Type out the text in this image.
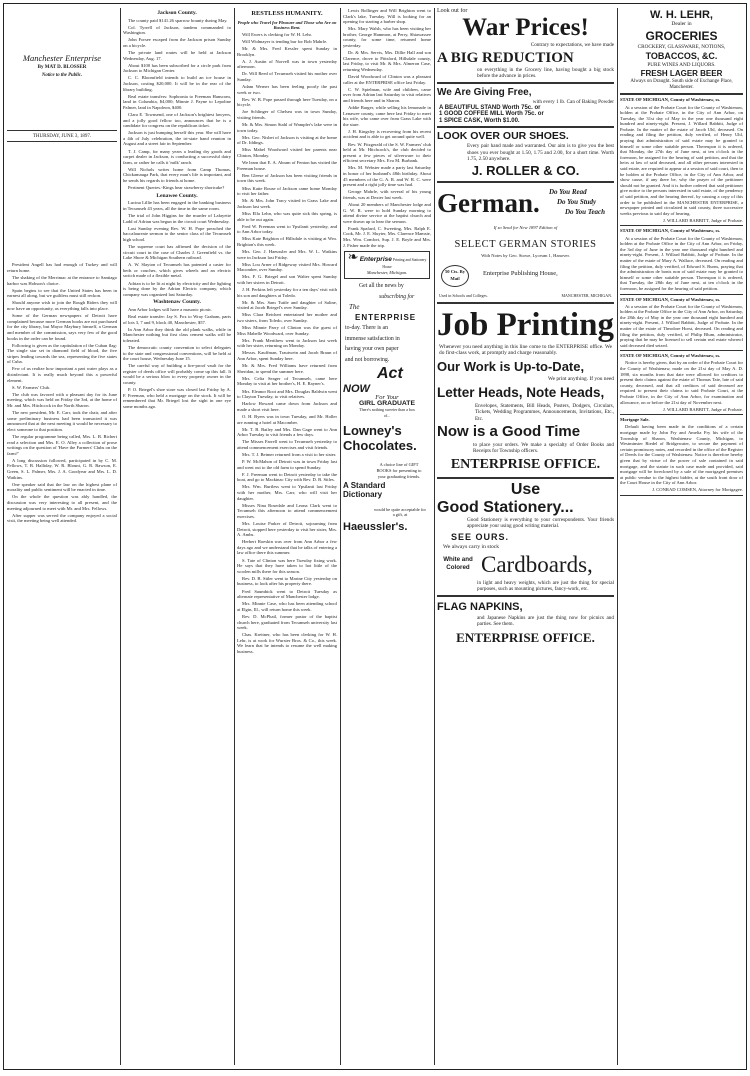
Manchester Enterprise
By MAT D. BLOSSER
Notice to the Public.
THURSDAY, JUNE 3, 1897.

President Angell has had enough of Turkey and will return home.

The shaking of the Merrimac at the entrance to Santiago harbor was Hobson's choice.

Spain begins to see that the United States has been in earnest all along, but we guiltless must still reckon.

Should anyone wish to join the Rough Riders they will now have an opportunity, as everything falls into place.

Some of the German newspapers of Detroit have complained because more German books are not purchased for the city library, but Mayor Maybury himself, a German and member of the commission, says very few of the good books in the order can be found.

Following is given as the capitulation of the Cuban flag: The single star set in diamond field of blood, the five stripes leading towards the sea, representing the five states of Cuba.

Few of us realize how important a part water plays as a disinfectant. It is really much beyond this a powerful element.

S. W. Farmers' Club.

The club was favored with a pleasant day for its June meeting, which was held on Friday the 3rd, at the home of Mr. and Mrs. Hitchcock in the North Sharon.

The new president, Mr. E. Carr, took the chair, and after some preliminary business had been transacted it was announced that at the next meeting it would be necessary to elect someone to that position.

The regular programme being called, Mrs. L. B. Richert read a selection and Mrs. E. O. Alley a collection of prose writings on the question of 'Have the Farmers' Clubs on the farm?'

A long discussion followed, participated in by C. M. Fellows, T. B. Halliday, W. R. Blount, G. R. Rawson, E. Green, S. L. Palmer, Mrs. J. A. Goodyear and Mrs. L. D. Watkins.

One speaker said that the law on the highest plane of morality and public sentiment will be enacted in time.

On the whole the question was ably handled, the discussion was very interesting to all present, and the meeting adjourned to meet with Mr. and Mrs. Fellows.

After supper was served the company enjoyed a social visit, the meeting being well attended.

Jackson County.

The county paid $141.26 sparrow bounty during May.

Col. Tyrrell of Jackson, tandem commanded to Washington.

John Forsee escaped from the Jackson prison Sunday on a bicycle.

The private land routes will be held at Jackson Wednesday, Aug. 17.

About $100 has been subscribed for a circle park from Jackson to Michigan Center.

C. C. Bloomfield intends to build an ice house in Jackson, costing $20,000. It will be in the rear of the library building.

Real estate transfers: Sophronia to Freeman Hanscom, land in Columbia, $4,000; Minnie J. Payne to Lepoline Palmer, land in Napoleon, $400.

Clara E. Townsend, one of Jackson's brightest lawyers, and a jolly good fellow too, announces that he is a candidate for congress on the republican ticket.

Jackson is just bumping herself this year. She will have a 4th of July celebration, the tri-state band reunion in August and a street fair in September.

T. J. Camp, for many years a leading dry goods and carpet dealer in Jackson, is conducting a successful dairy farm, or rather he calls it 'milk' ranch.

Will Nichols writes home from Camp Thomas, Chickamauga Park, that every man's life is important, and he sends his regards to friends at home.

Pertinent Queries.-Kings hear strawberry shortcake?

Lenawee County.

Lucina Lillie has been engaged in the banking business in Tecumseh 43 years, all the time in the same room.

The trial of John Higgins for the murder of Lafayette Ladd of Adrian was begun in the circuit court Wednesday.

Last Sunday evening Rev. W. H. Pope preached the baccalaureate sermon to the senior class of the Tecumseh high school.

The supreme court has affirmed the decision of the circuit court in the case of Charles J. Greenfield vs. the Lake Shore & Michigan Southern railroad.

A. W. Slayton of Tecumseh has patented a caster for beds or couches, which gives wheels and an electric switch made of a flexible metal.

Adrian is to be lit at night by electricity and the lighting is being done by the Adrian Electric company, which company was organized last Saturday.

Washtenaw County.

Ann Arbor lodges will have a masonic picnic.

Real estate transfer: Jay S. Fox to Wray Graham, parts of lots 3, 7 and 9, block 40, Manchester, $57.

In Ann Arbor they think the old plank walks, while in Manchester nothing but first class cement walks will be tolerated.

The democratic county convention to select delegates to the state and congressional conventions, will be held at the court house, Wednesday June 15.

The careful way of building a fire-proof vault for the register of deeds office will probably come up this fall. It would be a serious blow to every property owner in the county.

P. O. Briegel's shoe store was closed last Friday by A. F. Freeman, who held a mortgage on the stock. It will be remembered that Mr. Briegel lost the sight in one eye some months ago.

RESTLESS HUMANITY.
People who Travel for Pleasure and Those who Are on Business Bent.

Will Ewers is clerking for W. H. Lehr.

Will Widmayer is tending bar for Bob Mahrle.

Mr. & Mrs. Fred Kessler spent Sunday in Brooklyn.

A. J. Austin of Norvell was in town yesterday afternoon.

Dr. Will Reed of Tecumseh visited his mother over Sunday.

Adam Werner has been feeling poorly the past week or two.

Rev. W. B. Pope passed through here Tuesday, on a bicycle.

Joe Schlinger of Chelsea was in town Sunday, visiting friends.

Mr. & Mrs. Simon Stahl of Wampler's lake were in town today.

Mrs. Geo. Nisbet of Jackson is visiting at the home of Dr. Iddings.

Miss Mabel Woodward visited her parents near Clinton, Monday.

We learn that E. A. Abram of Fenton has visited the Freeman house.

Ben Gleese of Jackson has been visiting friends in town this week.

Miss Katie Rouse of Jackson came home Monday to visit her father.

Mr. & Mrs. John Tracy visited in Grass Lake and Jackson last week.

Miss Ella Lehn, who was quite sick this spring, is able to be out again.

Fred W. Freeman went to Ypsilanti yesterday, and to Ann Arbor today.

Miss Kate Brighton of Hillsdale is visiting at Wm. Brighton's this week.

Mrs. Geo. J. Haeussler and Mrs. W. L. Watkins were in Jackson last Friday.

Miss Lou Arner of Ridgeway visited Mrs. Howard Macomber, over Sunday.

Mrs. F. G. Briegel and son Walter spent Sunday with her sisters in Detroit.

J. H. Perkins left yesterday for a ten days' visit with his son and daughters at Toledo.

Mr. & Mrs. Sam Tuttle and daughter of Saline, visited at Jacob Briegel's over Sunday.

Miss Clara Reichert entertained her mother and two sisters, from Toledo, over Sunday.

Miss Minnie Parry of Clinton was the guest of Miss Mabelle Woodward, over Sunday.

Mrs. Frank Merithew went to Jackson last week with her sister, returning on Monday.

Messrs. Kauffman, Trautwein and Jacob Braun of Ann Arbor, spent Sunday here.

Mr. & Mrs. Fred Williams have returned from Sheridan, to spend the summer here.

Mrs. Celia Seager of Tecumseh, came here Monday to visit at her brother's, H. E. Rayner's.

Mrs. Eleanor Root and Mrs. Douglas Baldwin went to Clayton Tuesday, to visit relatives.

Harlow Howard came down from Jackson and made a short visit here.

O. H. Byers was in town Tuesday, and Mr. Holler are running a hotel at Macomber.

Mr. T. B. Bailey and Mrs. Dan Gage went to Ann Arbor Tuesday to visit friends a few days.

The Misses Farrell went to Tecumseh yesterday to attend commencement exercises and visit friends.

Mrs. T. J. Beimer returned from a visit to her sister.

P. W. McMahon of Detroit was in town Friday last and went out to the old farm to spend Sunday.

F. J. Freeman went to Detroit yesterday to take the boat, and go to Mackinac City with Rev. D. B. Stiles.

Mrs. Wm. Burtless went to Ypsilanti last Friday with her mother, Mrs. Carr, who will visit her daughter.

Misses Nina Rosedale and Leona Clark went to Tecumseh this afternoon to attend commencement exercises.

Mrs. Louise Parker of Detroit, sojourning from Detroit, stopped here yesterday to visit her sister, Mrs. A. Ambs.

Herbert Roeskin was over from Ann Arbor a few days ago and we understand that he talks of entering a law office there this summer.

S. Tate of Clinton was here Tuesday fixing work. He says that they have taken to hot little of the woolen mills there for this season.

Rev. D. B. Stiler went to Marine City yesterday on business, to look after his property there.

Fred Saumbick went to Detroit Tuesday as alternate representative of Manchester lodge.

Mrs. Minnie Case, who has been attending school at Elgin, Ill., will return home this week.

Rev. D. McPhail, former pastor of the baptist church here, graduated from Tecumseh university last week.

Chas. Kreitner, who has been clerking for W. H. Lehr, is at work for Wurster Bros. & Co., this week. We learn that he intends to resume the well making business.

Lewis Bollinger and Will Brighton went to Clark's lake, Tuesday. Will is looking for an opening for starting a barber shop.

Mrs. Mary Walsh, who has been visiting her brother, George Hammon, at Perry, Shiawassee county, for some time, returned home yesterday.

Dr. & Mrs. Servis, Mrs. Dillie Hall and son Clarence, drove to Pittsford, Hillsdale county, last Friday, to visit Mr. & Mrs. Almeron Case, returning Wednesday.

David Woodward of Clinton was a pleasant caller at the ENTERPRISE office last Friday.

C. W. Spielman, wife and children, came over from Adrian last Saturday to visit relatives and friends here and in Sharon.

Addie Barger, while selling his lemonade in Lenawee county, came here last Friday to meet his wife, who came over from Grass Lake with the stare.

J. H. Kingsley is recovering from his recent accident and is able to get around quite well.

Rev. W. Fitzgerald of the S. W. Farmers' club held at Mr. Hitchcock's, the club decided to present a few pieces of silverware to their efficient secretary Mrs. Eva M. Burbank.

Mrs. M. Webster made a party last Saturday in honor of her husband's 48th birthday. About 45 members of the G. A. R. and W. R. C. were present and a right jolly time was had.

George Mahrle, with several of his young friends, was at Dexter last week.

About 20 members of Manchester lodge and G. W. R. were to hold Sunday morning to attend divine service at the baptist church and were drawn up to hear the sermon.

Frank Spafard, C. Sweeting, Mrs. Ralph E. Cook, Mr. J. E. Sluyter, Mrs. Clarence Mamsie, Mrs. Wm. Comfort, Sup. J. E. Boyle and Mrs. J. Fisher made the trip.

❧ Enterprise Printing and Stationery House
Manchester, Michigan.
Get all the news by
subscribing for
The
ENTERPRISE
to-day. There is an
immense satisfaction in
having your own paper
and not borrowing.
Act
NOW
For Your
GIRL GRADUATE
There's nothing sweeter than a box of...
Lowney's
Chocolates.
A choice line of GIFT BOOKS for presenting to your graduating friends.
A Standard
Dictionary
would be quite acceptable for a gift, at
Haeussler's.
Look out for
War Prices!
Contrary to expectations, we have made
A BIG REDUCTION
on everything in the Grocery line, having bought a big stock before the advance in prices.
We Are Giving Free,
with every 1 lb. Can of Baking Powder
A BEAUTIFUL STAND Worth 75c. or
1 GOOD COFFEE MILL Worth 75c. or
1 SPICE CASK, Worth $1.00.
LOOK OVER OUR SHOES.
Every pair hand made and warranted. Our aim is to give you the best shoes you ever bought at 1.50, 1.75 and 2.00, for a short time. Worth 1.75, 2.50 anywhere.
J. ROLLER & CO.
German.	Do You Read
Do You Study
Do You Teach
If so Send for New 1897 Edition of
SELECT GERMAN STORIES
With Notes by Geo. Stowe, Lyceum 1, Hanover.
50 Cts. By Mail
Enterprise Publishing House,
Used in Schools and Colleges.	MANCHESTER, MICHIGAN.
Job Printing
Whenever you need anything in this line come to the ENTERPRISE office. We do first-class work, at promptly and charge reasonably.
Our Work is Up-to-Date,
We print anything. If you need
Letter Heads, Note Heads,
Envelopes, Statements, Bill Heads, Posters, Dodgers, Circulars, Tickets, Wedding Programmes, Announcements, Invitations, Etc., Etc.
Now is a Good Time
to place your orders. We make a specialty of Order Books and Receipts for Township officers.
ENTERPRISE OFFICE.
Use
Good Stationery...
Good Stationery is everything to your correspondents. Your friends appreciate your using good writing material.
SEE OURS.
We always carry in stock
White and Colored Cardboards,
in light and heavy weights, which are just the thing for special purposes, such as mounting pictures, fancy-work, etc.
FLAG NAPKINS,
and Japanese Napkins are just the thing now for picnics and parties. See them.
ENTERPRISE OFFICE.
W. H. LEHR,
Dealer in
GROCERIES
CROCKERY, GLASSWARE, NOTIONS,
TOBACCOS, &C.
PURE WINES AND LIQUORS.
FRESH LAGER BEER
Always on Draught. South side of Exchange Place, Manchester.

STATE OF MICHIGAN, County of Washtenaw, ss.

At a session of the Probate Court for the County of Washtenaw, holden at the Probate Office, in the City of Ann Arbor, on Tuesday, the 31st day of May in the year one thousand eight hundred and ninety-eight. Present, J. Willard Babbitt, Judge of Probate. In the matter of the estate of Jacob Uhl, deceased. On reading and filing the petition, duly verified, of Henry Uhl, praying that administration of said estate may be granted to himself or some other suitable person. Thereupon it is ordered, that Monday, the 27th day of June next, at ten o'clock in the forenoon, be assigned for the hearing of said petition, and that the heirs at law of said deceased, and all other persons interested in said estate, are required to appear at a session of said court, then to be holden at the Probate Office, in the City of Ann Arbor, and show cause, if any there be, why the prayer of the petitioner should not be granted. And it is further ordered that said petitioner give notice to the persons interested in said estate, of the pendency of said petition, and the hearing thereof, by causing a copy of this order to be published in the MANCHESTER ENTERPRISE, a newspaper printed and circulated in said county, three successive weeks previous to said day of hearing.

J. WILLARD BABBITT, Judge of Probate.

STATE OF MICHIGAN, County of Washtenaw, ss.

At a session of the Probate Court for the County of Washtenaw, holden at the Probate Office in the City of Ann Arbor, on Friday, the 3rd day of June in the year one thousand eight hundred and ninety-eight. Present, J. Willard Babbitt, Judge of Probate. In the matter of the estate of Mary A. Wallace, deceased. On reading and filing the petition, duly verified, of Edward S. Burns, praying that the administration de bonis non of said estate may be granted to himself or some other suitable person. Thereupon it is ordered, that Tuesday, the 28th day of June next, at ten o'clock in the forenoon, be assigned for the hearing of said petition.

STATE OF MICHIGAN, County of Washtenaw, ss.

At a session of the Probate Court for the County of Washtenaw, holden at the Probate Office in the City of Ann Arbor, on Saturday, the 28th day of May in the year one thousand eight hundred and ninety-eight. Present, J. Willard Babbitt, Judge of Probate. In the matter of the estate of Theodore Horst, deceased. On reading and filing the petition, duly verified, of Philip Blum, administrator, praying that he may be licensed to sell certain real estate whereof said deceased died seized.

STATE OF MICHIGAN, County of Washtenaw, ss.

Notice is hereby given, that by an order of the Probate Court for the County of Washtenaw, made on the 21st day of May A. D. 1898, six months from that date were allowed for creditors to present their claims against the estate of Thomas Tate, late of said county, deceased, and that all creditors of said deceased are required to present their claims to said Probate Court, at the Probate Office, in the City of Ann Arbor, for examination and allowance, on or before the 21st day of November next.

J. WILLARD BABBITT, Judge of Probate.

Mortgage Sale.

Default having been made in the conditions of a certain mortgage made by John Fry and Amelia Fry his wife of the Township of Sharon, Washtenaw County, Michigan, to Westminster Riedel of Bridgewater, to secure the payment of certain promissory notes, and recorded in the office of the Register of Deeds for the County of Washtenaw. Notice is therefore hereby given that by virtue of the power of sale contained in said mortgage, and the statute in such case made and provided, said mortgage will be foreclosed by a sale of the mortgaged premises at public vendue to the highest bidder, at the south front door of the Court House in the City of Ann Arbor.

J. CONRAD COMSEN, Attorney for Mortgagee.
